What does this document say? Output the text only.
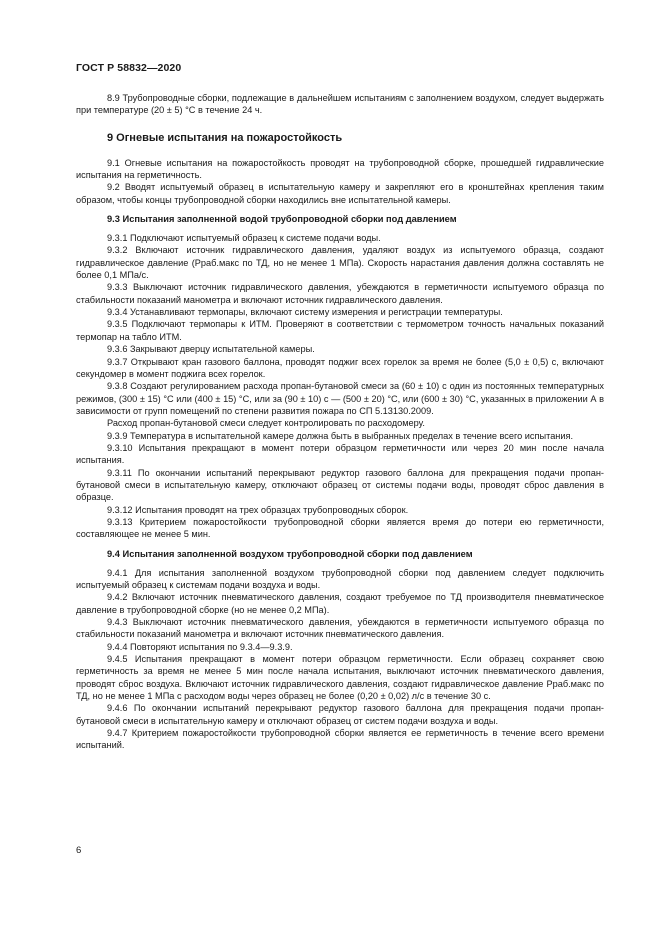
ГОСТ Р 58832—2020

8.9 Трубопроводные сборки, подлежащие в дальнейшем испытаниям с заполнением воздухом, следует выдержать при температуре (20 ± 5) °С в течение 24 ч.

9 Огневые испытания на пожаростойкость

9.1 Огневые испытания на пожаростойкость проводят на трубопроводной сборке, прошедшей гидравлические испытания на герметичность.

9.2 Вводят испытуемый образец в испытательную камеру и закрепляют его в кронштейнах крепления таким образом, чтобы концы трубопроводной сборки находились вне испытательной камеры.

9.3 Испытания заполненной водой трубопроводной сборки под давлением

9.3.1 Подключают испытуемый образец к системе подачи воды.

9.3.2 Включают источник гидравлического давления, удаляют воздух из испытуемого образца, создают гидравлическое давление (Pраб.макс по ТД, но не менее 1 МПа). Скорость нарастания давления должна составлять не более 0,1 МПа/с.

9.3.3 Выключают источник гидравлического давления, убеждаются в герметичности испытуемого образца по стабильности показаний манометра и включают источник гидравлического давления.

9.3.4 Устанавливают термопары, включают систему измерения и регистрации температуры.

9.3.5 Подключают термопары к ИТМ. Проверяют в соответствии с термометром точность начальных показаний термопар на табло ИТМ.

9.3.6 Закрывают дверцу испытательной камеры.

9.3.7 Открывают кран газового баллона, проводят поджиг всех горелок за время не более (5,0 ± 0,5) с, включают секундомер в момент поджига всех горелок.

9.3.8 Создают регулированием расхода пропан-бутановой смеси за (60 ± 10) с один из постоянных температурных режимов, (300 ± 15) °С или (400 ± 15) °С, или за (90 ± 10) с — (500 ± 20) °С, или (600 ± 30) °С, указанных в приложении А в зависимости от групп помещений по степени развития пожара по СП 5.13130.2009.

Расход пропан-бутановой смеси следует контролировать по расходомеру.

9.3.9 Температура в испытательной камере должна быть в выбранных пределах в течение всего испытания.

9.3.10 Испытания прекращают в момент потери образцом герметичности или через 20 мин после начала испытания.

9.3.11 По окончании испытаний перекрывают редуктор газового баллона для прекращения подачи пропан-бутановой смеси в испытательную камеру, отключают образец от системы подачи воды, проводят сброс давления в образце.

9.3.12 Испытания проводят на трех образцах трубопроводных сборок.

9.3.13 Критерием пожаростойкости трубопроводной сборки является время до потери ею герметичности, составляющее не менее 5 мин.

9.4 Испытания заполненной воздухом трубопроводной сборки под давлением

9.4.1 Для испытания заполненной воздухом трубопроводной сборки под давлением следует подключить испытуемый образец к системам подачи воздуха и воды.

9.4.2 Включают источник пневматического давления, создают требуемое по ТД производителя пневматическое давление в трубопроводной сборке (но не менее 0,2 МПа).

9.4.3 Выключают источник пневматического давления, убеждаются в герметичности испытуемого образца по стабильности показаний манометра и включают источник пневматического давления.

9.4.4 Повторяют испытания по 9.3.4—9.3.9.

9.4.5 Испытания прекращают в момент потери образцом герметичности. Если образец сохраняет свою герметичность за время не менее 5 мин после начала испытания, выключают источник пневматического давления, проводят сброс воздуха. Включают источник гидравлического давления, создают гидравлическое давление Pраб.макс по ТД, но не менее 1 МПа с расходом воды через образец не более (0,20 ± 0,02) л/с в течение 30 с.

9.4.6 По окончании испытаний перекрывают редуктор газового баллона для прекращения подачи пропан-бутановой смеси в испытательную камеру и отключают образец от систем подачи воздуха и воды.

9.4.7 Критерием пожаростойкости трубопроводной сборки является ее герметичность в течение всего времени испытаний.

6
